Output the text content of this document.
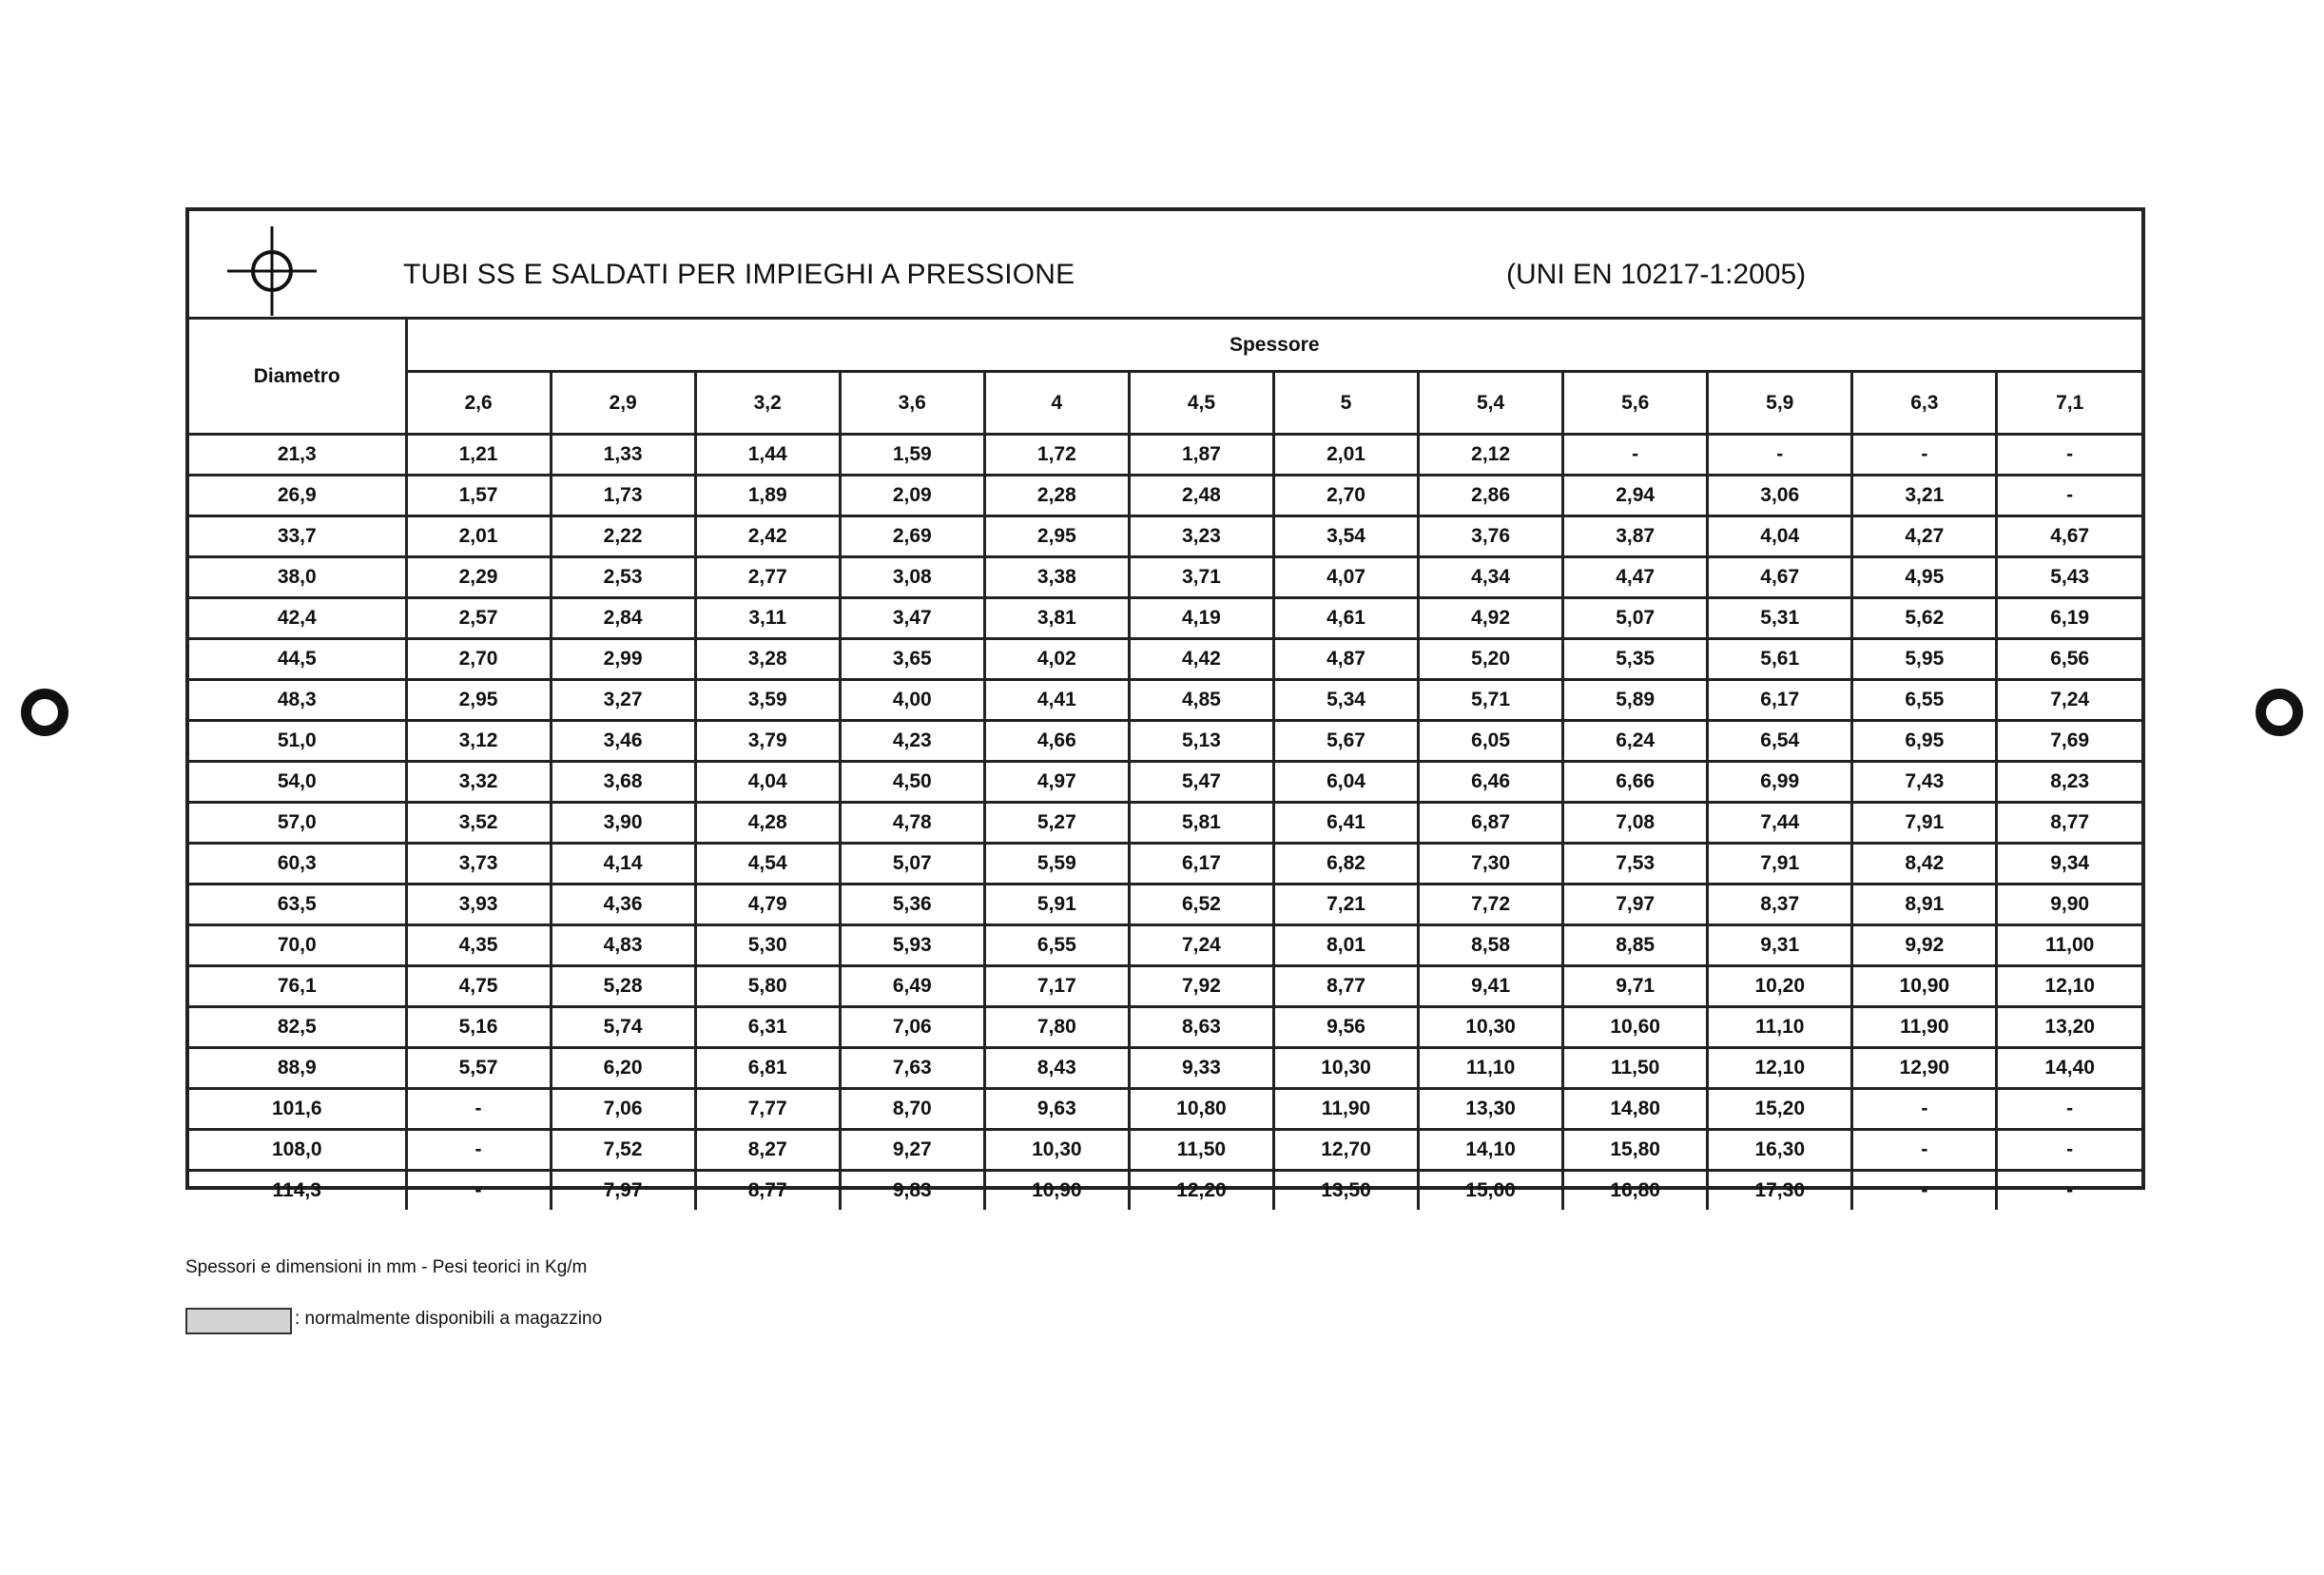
TUBI SS E SALDATI PER IMPIEGHI A PRESSIONE	(UNI EN 10217-1:2005)
Diametro	Spessore											
	2,6	2,9	3,2	3,6	4	4,5	5	5,4	5,6	5,9	6,3	7,1
21,3	1,21	1,33	1,44	1,59	1,72	1,87	2,01	2,12	-	-	-	-
26,9	1,57	1,73	1,89	2,09	2,28	2,48	2,70	2,86	2,94	3,06	3,21	-
33,7	2,01	2,22	2,42	2,69	2,95	3,23	3,54	3,76	3,87	4,04	4,27	4,67
38,0	2,29	2,53	2,77	3,08	3,38	3,71	4,07	4,34	4,47	4,67	4,95	5,43
42,4	2,57	2,84	3,11	3,47	3,81	4,19	4,61	4,92	5,07	5,31	5,62	6,19
44,5	2,70	2,99	3,28	3,65	4,02	4,42	4,87	5,20	5,35	5,61	5,95	6,56
48,3	2,95	3,27	3,59	4,00	4,41	4,85	5,34	5,71	5,89	6,17	6,55	7,24
51,0	3,12	3,46	3,79	4,23	4,66	5,13	5,67	6,05	6,24	6,54	6,95	7,69
54,0	3,32	3,68	4,04	4,50	4,97	5,47	6,04	6,46	6,66	6,99	7,43	8,23
57,0	3,52	3,90	4,28	4,78	5,27	5,81	6,41	6,87	7,08	7,44	7,91	8,77
60,3	3,73	4,14	4,54	5,07	5,59	6,17	6,82	7,30	7,53	7,91	8,42	9,34
63,5	3,93	4,36	4,79	5,36	5,91	6,52	7,21	7,72	7,97	8,37	8,91	9,90
70,0	4,35	4,83	5,30	5,93	6,55	7,24	8,01	8,58	8,85	9,31	9,92	11,00
76,1	4,75	5,28	5,80	6,49	7,17	7,92	8,77	9,41	9,71	10,20	10,90	12,10
82,5	5,16	5,74	6,31	7,06	7,80	8,63	9,56	10,30	10,60	11,10	11,90	13,20
88,9	5,57	6,20	6,81	7,63	8,43	9,33	10,30	11,10	11,50	12,10	12,90	14,40
101,6	-	7,06	7,77	8,70	9,63	10,80	11,90	13,30	14,80	15,20	-	-
108,0	-	7,52	8,27	9,27	10,30	11,50	12,70	14,10	15,80	16,30	-	-
114,3	-	7,97	8,77	9,83	10,90	12,20	13,50	15,00	16,80	17,30	-	-
Spessori e dimensioni in mm - Pesi teorici in Kg/m
: normalmente disponibili a magazzino
